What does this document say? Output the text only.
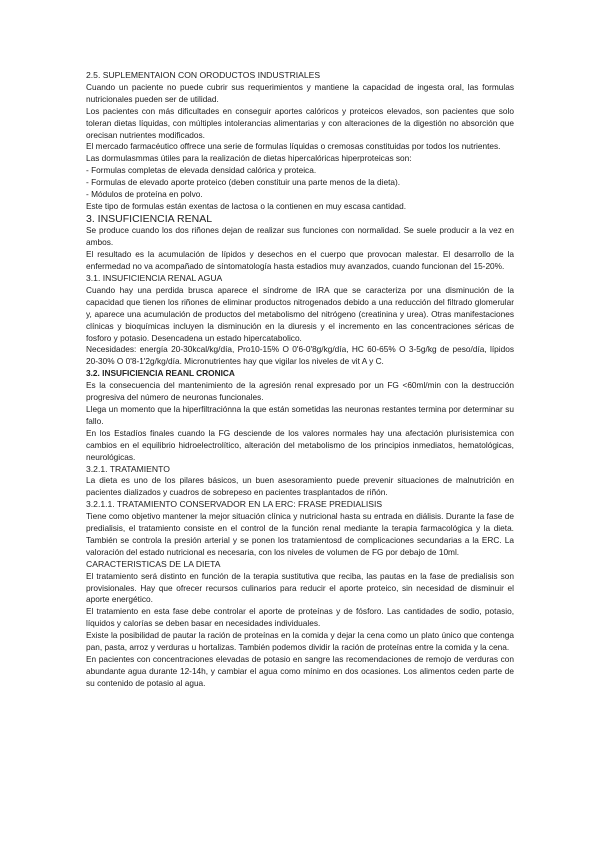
2.5. SUPLEMENTAION CON ORODUCTOS INDUSTRIALES

Cuando un paciente no puede cubrir sus requerimientos y mantiene la capacidad de ingesta oral, las formulas nutricionales pueden ser de utilidad.

Los pacientes con más dificultades en conseguir aportes calóricos y proteicos elevados, son pacientes que solo toleran dietas líquidas, con múltiples intolerancias alimentarias y con alteraciones de la digestión no absorción que orecisan nutrientes modificados.

El mercado farmacéutico offrece una serie de formulas líquidas o cremosas constituidas por todos los nutrientes.

Las dormulasmmas útiles para la realización de dietas hipercalóricas hiperproteicas son:

- Formulas completas de elevada densidad calórica y proteica.

- Formulas de elevado aporte proteico (deben constituir una parte menos de la dieta).

- Módulos de proteína en polvo.

Este tipo de formulas están exentas de lactosa o la contienen en muy escasa cantidad.

3. INSUFICIENCIA RENAL

Se produce cuando los dos riñones dejan de realizar sus funciones con normalidad. Se suele producir a la vez en ambos.

El resultado es la acumulación de lípidos y desechos en el cuerpo que provocan malestar. El desarrollo de la enfermedad no va acompañado de síntomatología hasta estadios muy avanzados, cuando funcionan del 15-20%.

3.1. INSUFICIENCIA RENAL AGUA

Cuando hay una perdida brusca aparece el síndrome de IRA que se caracteriza por una disminución de la capacidad que tienen los riñones de eliminar productos nitrogenados debido a una reducción del filtrado glomerular y, aparece una acumulación de productos del metabolismo del nitrógeno (creatinina y urea). Otras manifestaciones clínicas y bioquímicas incluyen la disminución en la diuresis y el incremento en las concentraciones séricas de fosforo y potasio. Desencadena un estado hipercatabolico.

Necesidades: energía 20-30kcal/kg/día, Pro10-15% O 0'6-0'8g/kg/día, HC 60-65% O 3-5g/kg de peso/día, lípidos 20-30% O 0'8-1'2g/kg/día. Micronutrientes hay que vigilar los niveles de vit A y C.

3.2. INSUFICIENCIA REANL CRONICA

Es la consecuencia del mantenimiento de la agresión renal expresado por un FG <60ml/min con la destrucción progresiva del número de neuronas funcionales.

Llega un momento que la hiperfiltraciónna la que están sometidas las neuronas restantes termina por determinar su fallo.

En los Estadíos finales cuando la FG desciende de los valores normales hay una afectación plurisistemica con cambios en el equilibrio hidroelectrolítico, alteración del metabolismo de los principios inmediatos, hematológicas, neurológicas.

3.2.1. TRATAMIENTO

La dieta es uno de los pilares básicos, un buen asesoramiento puede prevenir situaciones de malnutrición en pacientes dializados y cuadros de sobrepeso en pacientes trasplantados de riñón.

3.2.1.1. TRATAMIENTO CONSERVADOR EN LA ERC: FRASE PREDIALISIS

Tiene como objetivo mantener la mejor situación clínica y nutricional hasta su entrada en diálisis. Durante la fase de predialisis, el tratamiento consiste en el control de la función renal mediante la terapia farmacológica y la dieta. También se controla la presión arterial y se ponen los tratamientosd de complicaciones secundarias a la ERC. La valoración del estado nutricional es necesaria, con los niveles de volumen de FG por debajo de 10ml.

CARACTERISTICAS DE LA DIETA

El tratamiento será distinto en función de la terapia sustitutiva que reciba, las pautas en la fase de predialisis son provisionales. Hay que ofrecer recursos culinarios para reducir el aporte proteico, sin necesidad de disminuir el aporte energético.

El tratamiento en esta fase debe controlar el aporte de proteínas y de fósforo. Las cantidades de sodio, potasio, líquidos y calorías se deben basar en necesidades individuales.

Existe la posibilidad de pautar la ración de proteínas en la comida y dejar la cena como un plato único que contenga pan, pasta, arroz y verduras u hortalizas. También podemos dividir la ración de proteínas entre la comida y la cena.

En pacientes con concentraciones elevadas de potasio en sangre las recomendaciones de remojo de verduras con abundante agua durante 12-14h, y cambiar el agua como mínimo en dos ocasiones. Los alimentos ceden parte de su contenido de potasio al agua.
